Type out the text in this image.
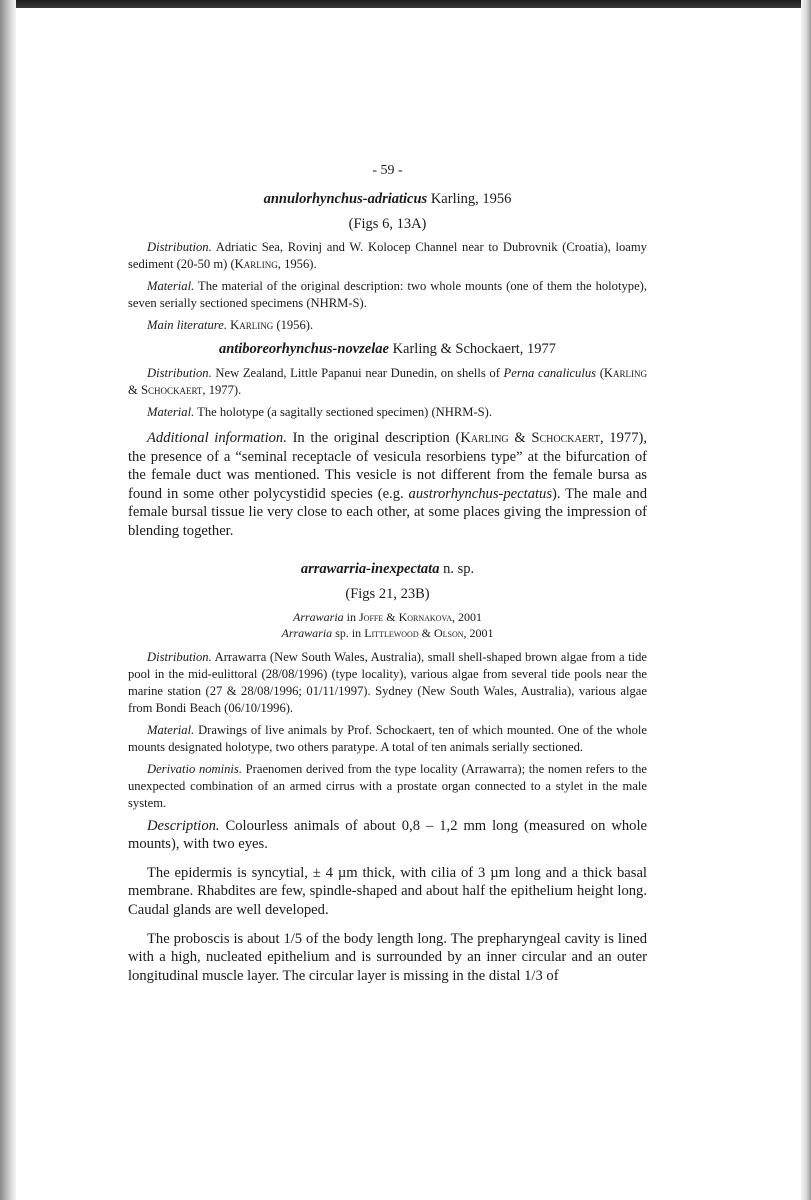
- 59 -
annulorhynchus-adriaticus Karling, 1956
(Figs 6, 13A)

Distribution. Adriatic Sea, Rovinj and W. Kolocep Channel near to Dubrovnik (Croatia), loamy sediment (20-50 m) (Karling, 1956).

Material. The material of the original description: two whole mounts (one of them the holotype), seven serially sectioned specimens (NHRM-S).

Main literature. Karling (1956).

antiboreorhynchus-novzelae Karling & Schockaert, 1977

Distribution. New Zealand, Little Papanui near Dunedin, on shells of Perna canaliculus (Karling & Schockaert, 1977).

Material. The holotype (a sagitally sectioned specimen) (NHRM-S).

Additional information. In the original description (Karling & Schockaert, 1977), the presence of a “seminal receptacle of vesicula resorbiens type” at the bifurcation of the female duct was mentioned. This vesicle is not different from the female bursa as found in some other polycystidid species (e.g. austrorhynchus-pectatus). The male and female bursal tissue lie very close to each other, at some places giving the impression of blending together.

arrawarria-inexpectata n. sp.
(Figs 21, 23B)
Arrawaria in Joffe & Kornakova, 2001
Arrawaria sp. in Littlewood & Olson, 2001

Distribution. Arrawarra (New South Wales, Australia), small shell-shaped brown algae from a tide pool in the mid-eulittoral (28/08/1996) (type locality), various algae from several tide pools near the marine station (27 & 28/08/1996; 01/11/1997). Sydney (New South Wales, Australia), various algae from Bondi Beach (06/10/1996).

Material. Drawings of live animals by Prof. Schockaert, ten of which mounted. One of the whole mounts designated holotype, two others paratype. A total of ten animals serially sectioned.

Derivatio nominis. Praenomen derived from the type locality (Arrawarra); the nomen refers to the unexpected combination of an armed cirrus with a prostate organ connected to a stylet in the male system.

Description. Colourless animals of about 0,8 – 1,2 mm long (measured on whole mounts), with two eyes.

The epidermis is syncytial, ± 4 µm thick, with cilia of 3 µm long and a thick basal membrane. Rhabdites are few, spindle-shaped and about half the epithelium height long. Caudal glands are well developed.

The proboscis is about 1/5 of the body length long. The prepharyngeal cavity is lined with a high, nucleated epithelium and is surrounded by an inner circular and an outer longitudinal muscle layer. The circular layer is missing in the distal 1/3 of
